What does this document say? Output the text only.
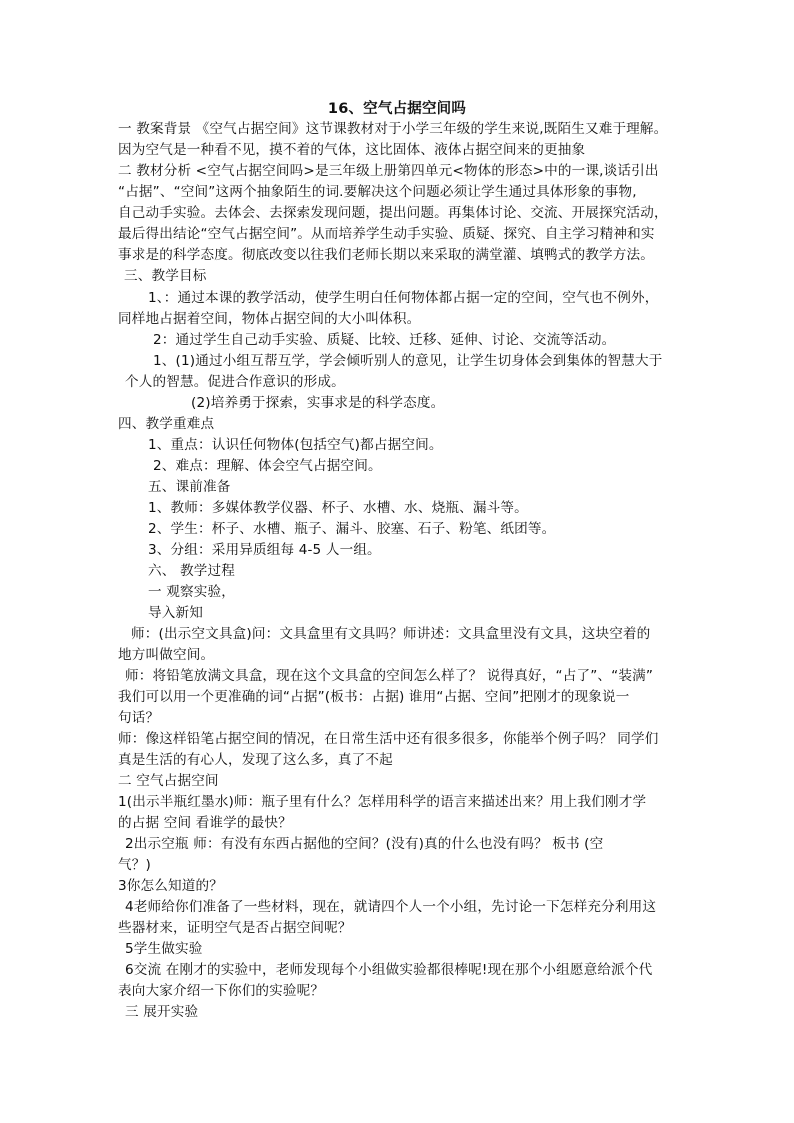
16、空气占据空间吗
一 教案背景 《空气占据空间》这节课教材对于小学三年级的学生来说,既陌生又难于理解。
因为空气是一种看不见，摸不着的气体，这比固体、液体占据空间来的更抽象
二 教材分析 <空气占据空间吗>是三年级上册第四单元<物体的形态>中的一课,谈话引出
“占据”、“空间”这两个抽象陌生的词.要解决这个问题必须让学生通过具体形象的事物,
自己动手实验。去体会、去探索发现问题，提出问题。再集体讨论、交流、开展探究活动，
最后得出结论“空气占据空间”。从而培养学生动手实验、质疑、探究、自主学习精神和实
事求是的科学态度。彻底改变以往我们老师长期以来采取的满堂灌、填鸭式的教学方法。
三、教学目标
1、：通过本课的教学活动，使学生明白任何物体都占据一定的空间，空气也不例外，
同样地占据着空间，物体占据空间的大小叫体积。
2：通过学生自己动手实验、质疑、比较、迁移、延伸、讨论、交流等活动。
1、(1)通过小组互帮互学，学会倾听别人的意见，让学生切身体会到集体的智慧大于
个人的智慧。促进合作意识的形成。
(2)培养勇于探索，实事求是的科学态度。
四、教学重难点
1、重点：认识任何物体(包括空气)都占据空间。
2、难点：理解、体会空气占据空间。
五、课前准备
1、教师：多媒体教学仪器、杯子、水槽、水、烧瓶、漏斗等。
2、学生：杯子、水槽、瓶子、漏斗、胶塞、石子、粉笔、纸团等。
3、分组：采用异质组每 4-5 人一组。
六、 教学过程
一 观察实验，
导入新知
师：(出示空文具盒)问：文具盒里有文具吗？师讲述：文具盒里没有文具，这块空着的
地方叫做空间。
师：将铅笔放满文具盒，现在这个文具盒的空间怎么样了？ 说得真好，“占了”、“装满”
我们可以用一个更准确的词“占据”(板书：占据) 谁用“占据、空间”把刚才的现象说一
句话？
师：像这样铅笔占据空间的情况，在日常生活中还有很多很多，你能举个例子吗？ 同学们
真是生活的有心人，发现了这么多，真了不起
二 空气占据空间
1(出示半瓶红墨水)师：瓶子里有什么？怎样用科学的语言来描述出来？用上我们刚才学
的占据 空间 看谁学的最快？
2出示空瓶 师：有没有东西占据他的空间？(没有)真的什么也没有吗？ 板书 (空
气？)
3你怎么知道的？
4老师给你们准备了一些材料，现在，就请四个人一个小组，先讨论一下怎样充分利用这
些器材来，证明空气是否占据空间呢？
5学生做实验
6交流 在刚才的实验中，老师发现每个小组做实验都很棒呢!现在那个小组愿意给派个代
表向大家介绍一下你们的实验呢？
三 展开实验
